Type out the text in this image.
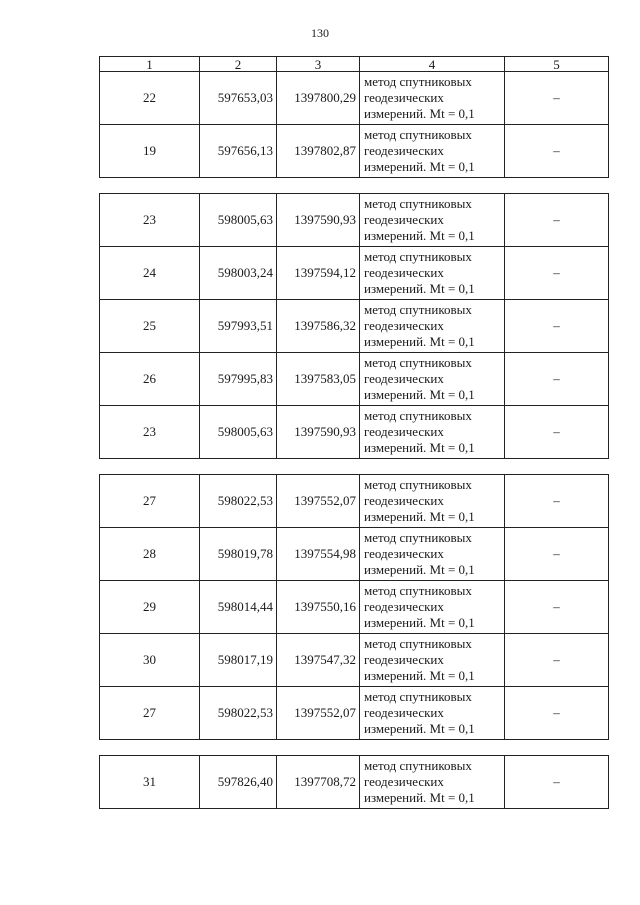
130
1	2	3	4	5
22	597653,03	1397800,29	метод спутниковых
геодезических
измерений. Mt = 0,1	–
19	597656,13	1397802,87	метод спутниковых
геодезических
измерений. Mt = 0,1	–

23	598005,63	1397590,93	метод спутниковых
геодезических
измерений. Mt = 0,1	–
24	598003,24	1397594,12	метод спутниковых
геодезических
измерений. Mt = 0,1	–
25	597993,51	1397586,32	метод спутниковых
геодезических
измерений. Mt = 0,1	–
26	597995,83	1397583,05	метод спутниковых
геодезических
измерений. Mt = 0,1	–
23	598005,63	1397590,93	метод спутниковых
геодезических
измерений. Mt = 0,1	–

27	598022,53	1397552,07	метод спутниковых
геодезических
измерений. Mt = 0,1	–
28	598019,78	1397554,98	метод спутниковых
геодезических
измерений. Mt = 0,1	–
29	598014,44	1397550,16	метод спутниковых
геодезических
измерений. Mt = 0,1	–
30	598017,19	1397547,32	метод спутниковых
геодезических
измерений. Mt = 0,1	–
27	598022,53	1397552,07	метод спутниковых
геодезических
измерений. Mt = 0,1	–

31	597826,40	1397708,72	метод спутниковых
геодезических
измерений. Mt = 0,1	–
